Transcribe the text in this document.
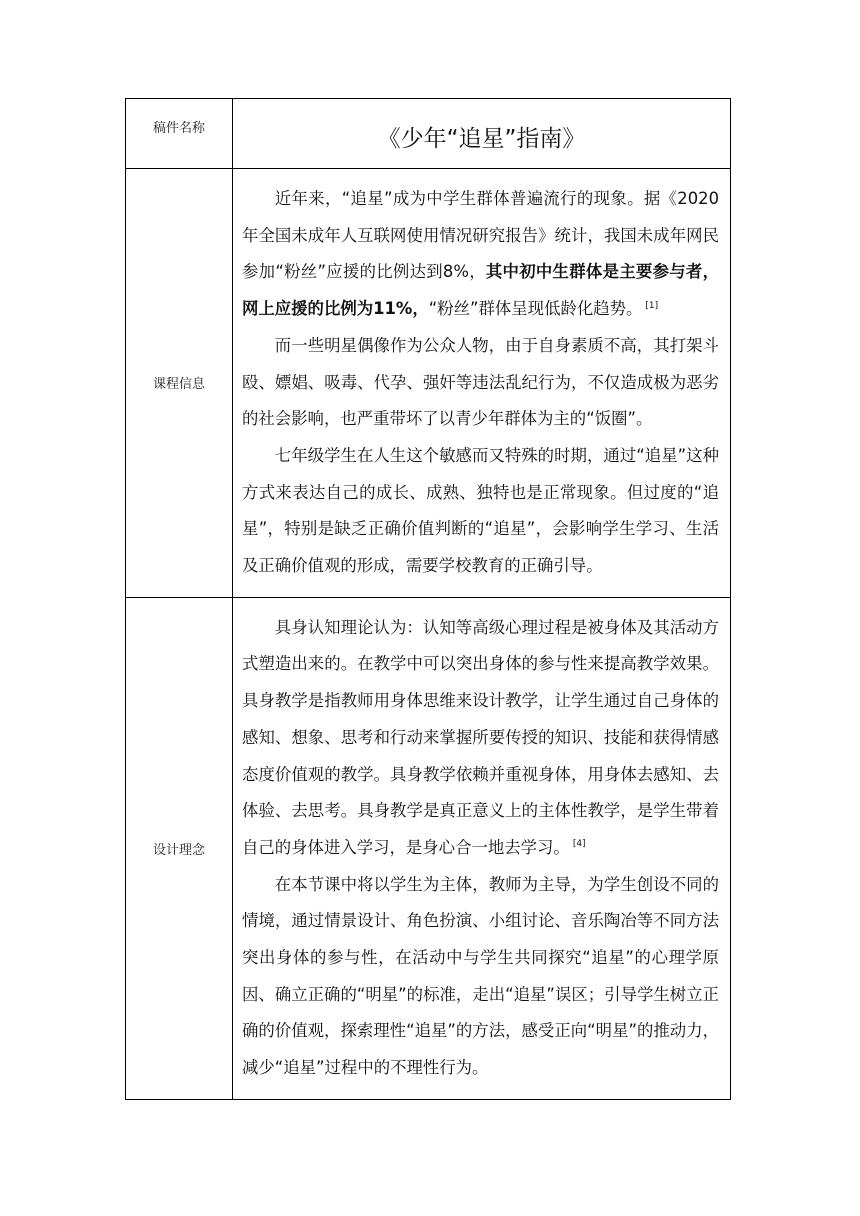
稿件名称	《少年“追星”指南》
课程信息	近年来，“追星”成为中学生群体普遍流行的现象。据《2020年全国未成年人互联网使用情况研究报告》统计，我国未成年网民参加“粉丝”应援的比例达到8%，其中初中生群体是主要参与者，网上应援的比例为11%，“粉丝”群体呈现低龄化趋势。 [1]

而一些明星偶像作为公众人物，由于自身素质不高，其打架斗殴、嫖娼、吸毒、代孕、强奸等违法乱纪行为，不仅造成极为恶劣的社会影响，也严重带坏了以青少年群体为主的“饭圈”。

七年级学生在人生这个敏感而又特殊的时期，通过“追星”这种方式来表达自己的成长、成熟、独特也是正常现象。但过度的“追星”，特别是缺乏正确价值判断的“追星”，会影响学生学习、生活及正确价值观的形成，需要学校教育的正确引导。

设计理念	具身认知理论认为：认知等高级心理过程是被身体及其活动方式塑造出来的。在教学中可以突出身体的参与性来提高教学效果。具身教学是指教师用身体思维来设计教学，让学生通过自己身体的感知、想象、思考和行动来掌握所要传授的知识、技能和获得情感态度价值观的教学。具身教学依赖并重视身体，用身体去感知、去体验、去思考。具身教学是真正意义上的主体性教学，是学生带着自己的身体进入学习，是身心合一地去学习。 [4]

在本节课中将以学生为主体，教师为主导，为学生创设不同的情境，通过情景设计、角色扮演、小组讨论、音乐陶冶等不同方法突出身体的参与性，在活动中与学生共同探究“追星”的心理学原因、确立正确的“明星”的标准，走出“追星”误区；引导学生树立正确的价值观，探索理性“追星”的方法，感受正向“明星”的推动力，减少“追星”过程中的不理性行为。
